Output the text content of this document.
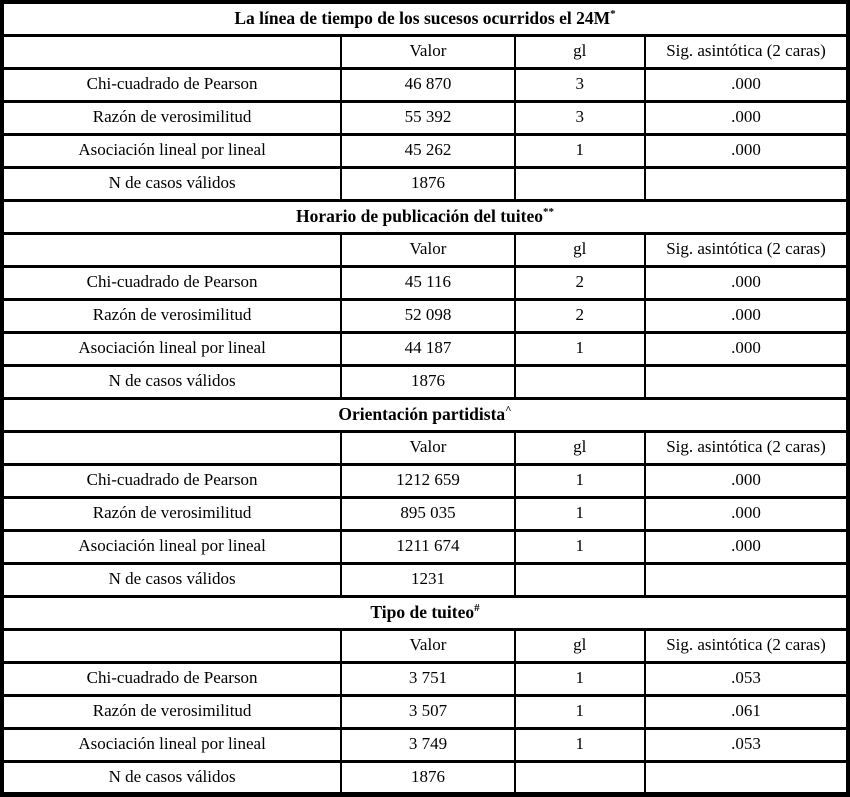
La línea de tiempo de los sucesos ocurridos el 24M*
	Valor	gl	Sig. asintótica (2 caras)
Chi-cuadrado de Pearson	46 870	3	.000
Razón de verosimilitud	55 392	3	.000
Asociación lineal por lineal	45 262	1	.000
N de casos válidos	1876		
Horario de publicación del tuiteo**
	Valor	gl	Sig. asintótica (2 caras)
Chi-cuadrado de Pearson	45 116	2	.000
Razón de verosimilitud	52 098	2	.000
Asociación lineal por lineal	44 187	1	.000
N de casos válidos	1876		
Orientación partidista^
	Valor	gl	Sig. asintótica (2 caras)
Chi-cuadrado de Pearson	1212 659	1	.000
Razón de verosimilitud	895 035	1	.000
Asociación lineal por lineal	1211 674	1	.000
N de casos válidos	1231		
Tipo de tuiteo#
	Valor	gl	Sig. asintótica (2 caras)
Chi-cuadrado de Pearson	3 751	1	.053
Razón de verosimilitud	3 507	1	.061
Asociación lineal por lineal	3 749	1	.053
N de casos válidos	1876		
